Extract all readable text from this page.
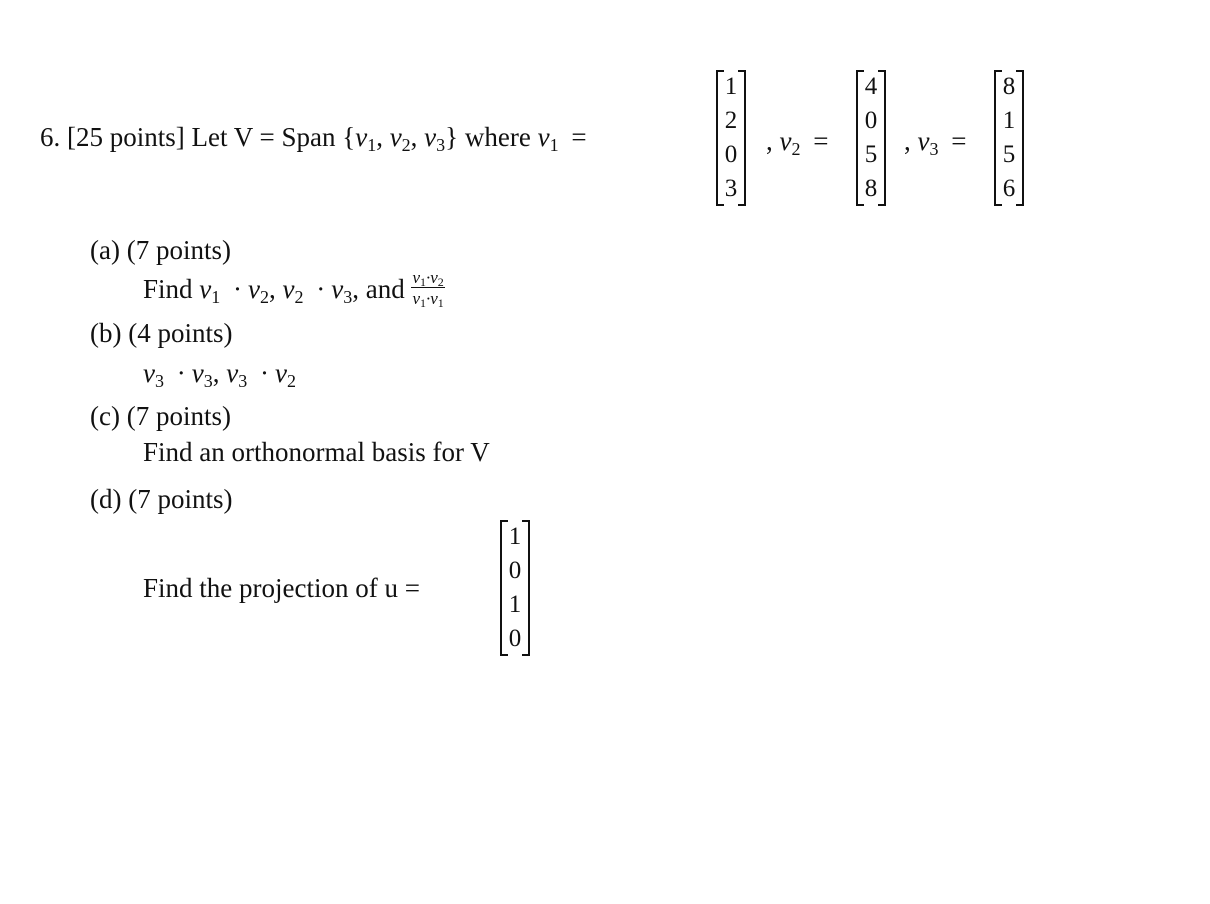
6. [25 points] Let V = Span {v1, v2, v3} where v1 =
1
2
0
3
, v2 =
4
0
5
8
, v3 =
8
1
5
6
(a) (7 points)
Find v1 · v2, v2 · v3, and $\frac{v1\cdot v2}{v1\cdot v1}$
(b) (4 points)
v3 · v3, v3 · v2
(c) (7 points)
Find an orthonormal basis for V
(d) (7 points)
Find the projection of u =
1
0
1
0
